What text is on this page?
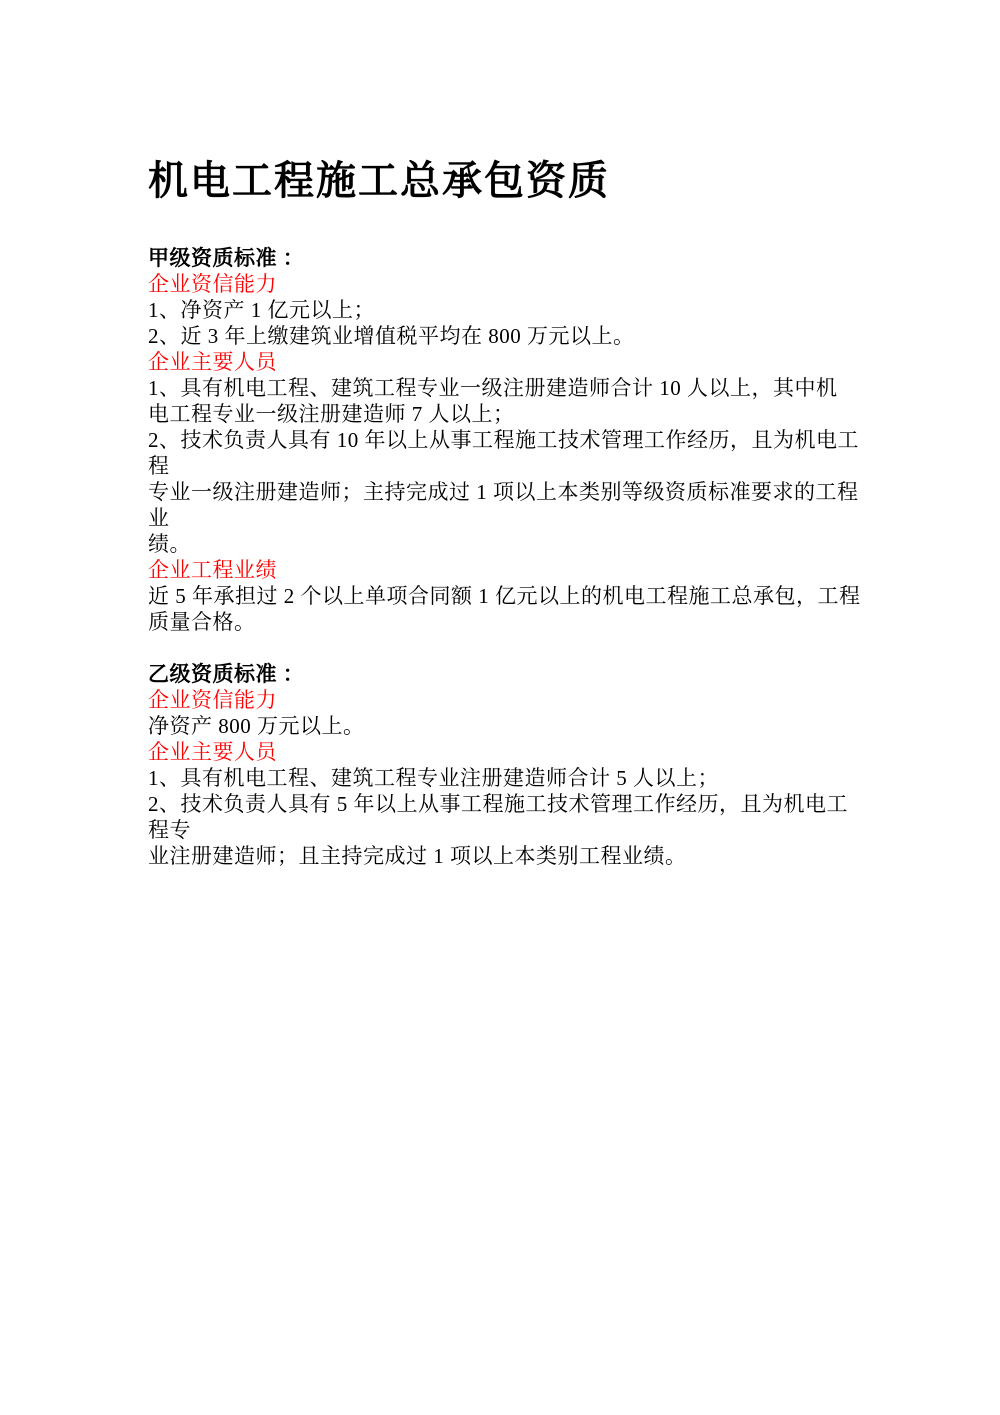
机电工程施工总承包资质
甲级资质标准 ：
企业资信能力
1、净资产 1 亿元以上；
2、近 3 年上缴建筑业增值税平均在 800 万元以上。
企业主要人员
1、具有机电工程、建筑工程专业一级注册建造师合计 10 人以上，其中机
电工程专业一级注册建造师 7 人以上；
2、技术负责人具有 10 年以上从事工程施工技术管理工作经历，且为机电工程
专业一级注册建造师；主持完成过 1 项以上本类别等级资质标准要求的工程业
绩。
企业工程业绩
近 5 年承担过 2 个以上单项合同额 1 亿元以上的机电工程施工总承包，工程
质量合格。
乙级资质标准 ：
企业资信能力
净资产 800 万元以上。
企业主要人员
1、具有机电工程、建筑工程专业注册建造师合计 5 人以上；
2、技术负责人具有 5 年以上从事工程施工技术管理工作经历，且为机电工程专
业注册建造师；且主持完成过 1 项以上本类别工程业绩。
